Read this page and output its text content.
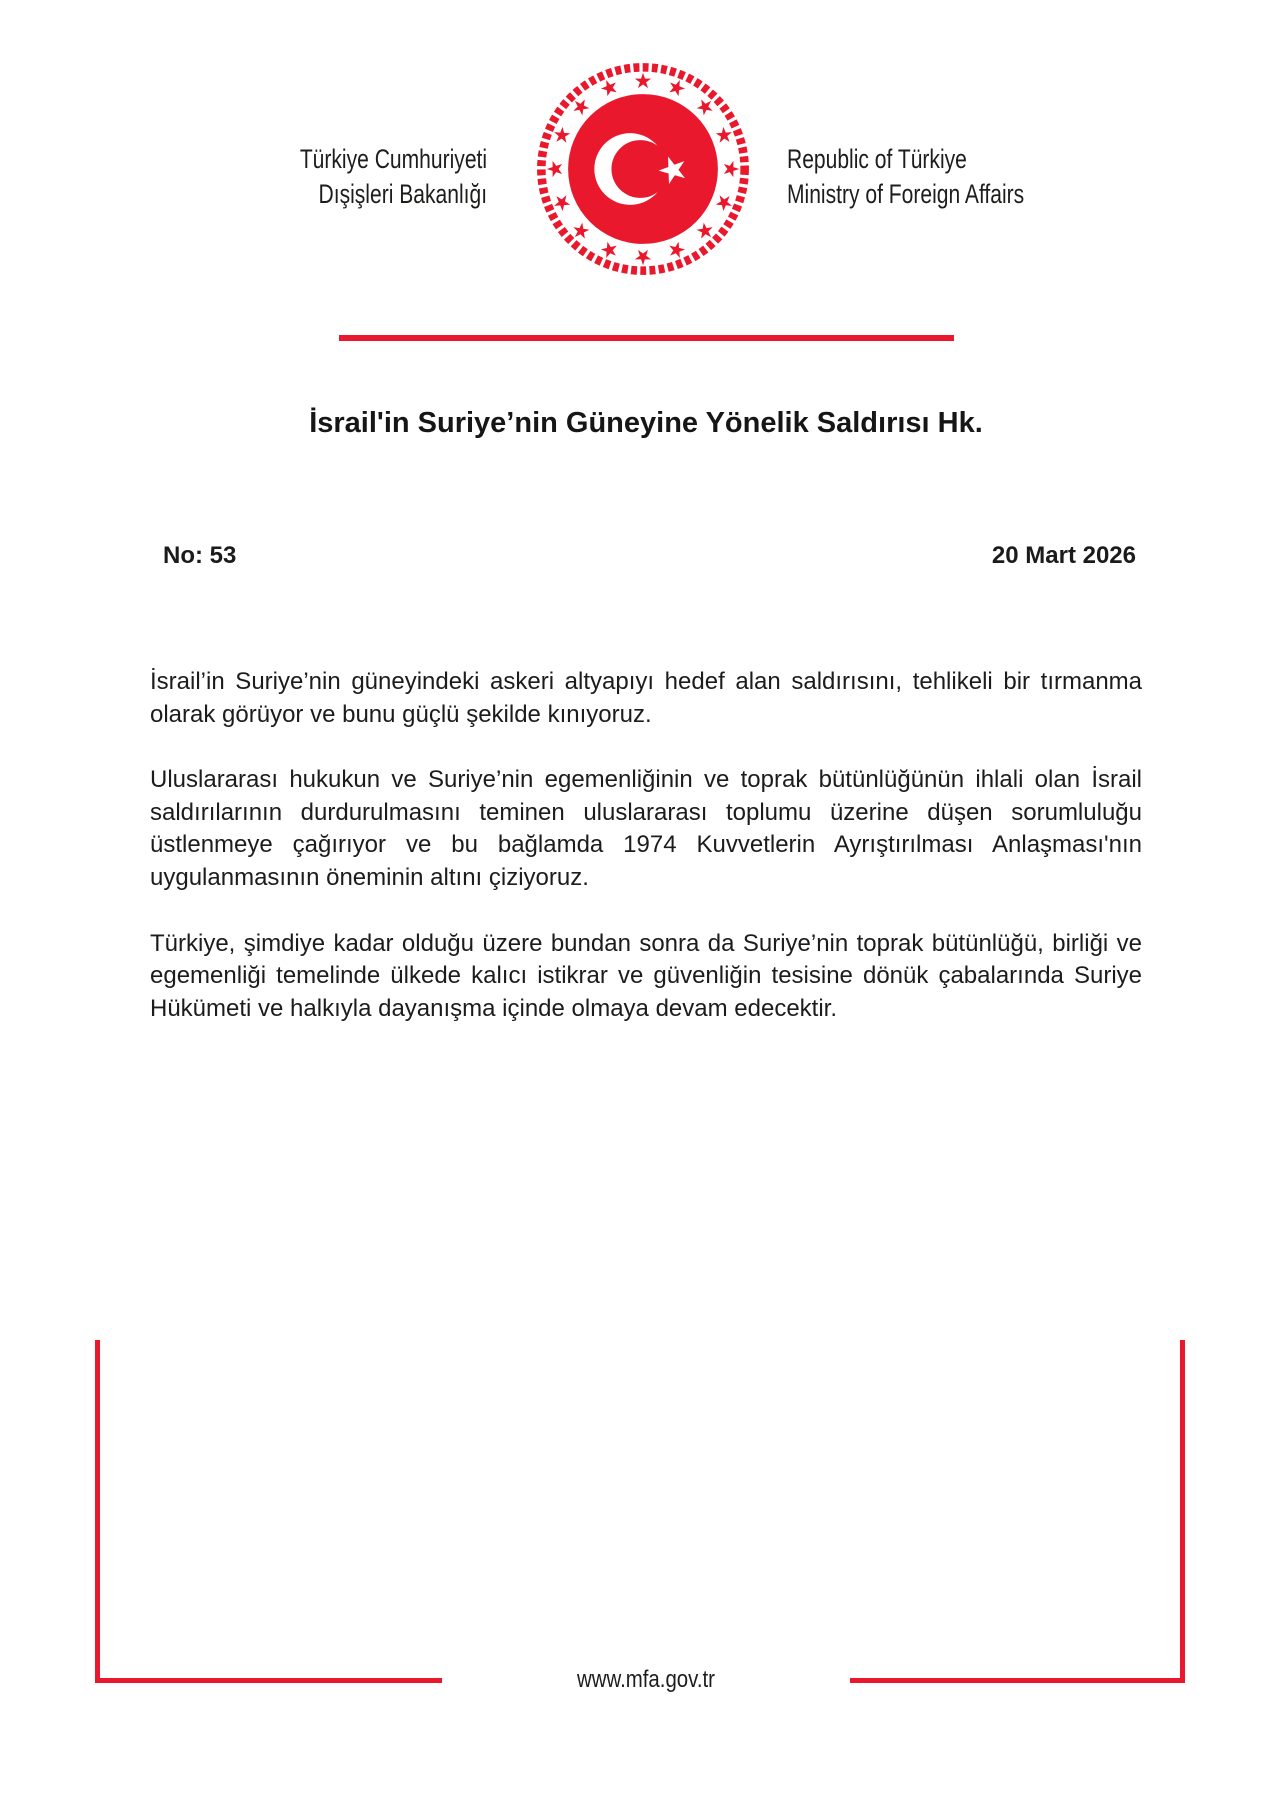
Türkiye Cumhuriyeti
Dışişleri Bakanlığı
Republic of Türkiye
Ministry of Foreign Affairs
İsrail'in Suriye’nin Güneyine Yönelik Saldırısı Hk.
No: 53	20 Mart 2026

İsrail’in Suriye’nin güneyindeki askeri altyapıyı hedef alan saldırısını, tehlikeli bir tırmanma olarak görüyor ve bunu güçlü şekilde kınıyoruz.

Uluslararası hukukun ve Suriye’nin egemenliğinin ve toprak bütünlüğünün ihlali olan İsrail saldırılarının durdurulmasını teminen uluslararası toplumu üzerine düşen sorumluluğu üstlenmeye çağırıyor ve bu bağlamda 1974 Kuvvetlerin Ayrıştırılması Anlaşması'nın uygulanmasının öneminin altını çiziyoruz.

Türkiye, şimdiye kadar olduğu üzere bundan sonra da Suriye’nin toprak bütünlüğü, birliği ve egemenliği temelinde ülkede kalıcı istikrar ve güvenliğin tesisine dönük çabalarında Suriye Hükümeti ve halkıyla dayanışma içinde olmaya devam edecektir.

www.mfa.gov.tr
